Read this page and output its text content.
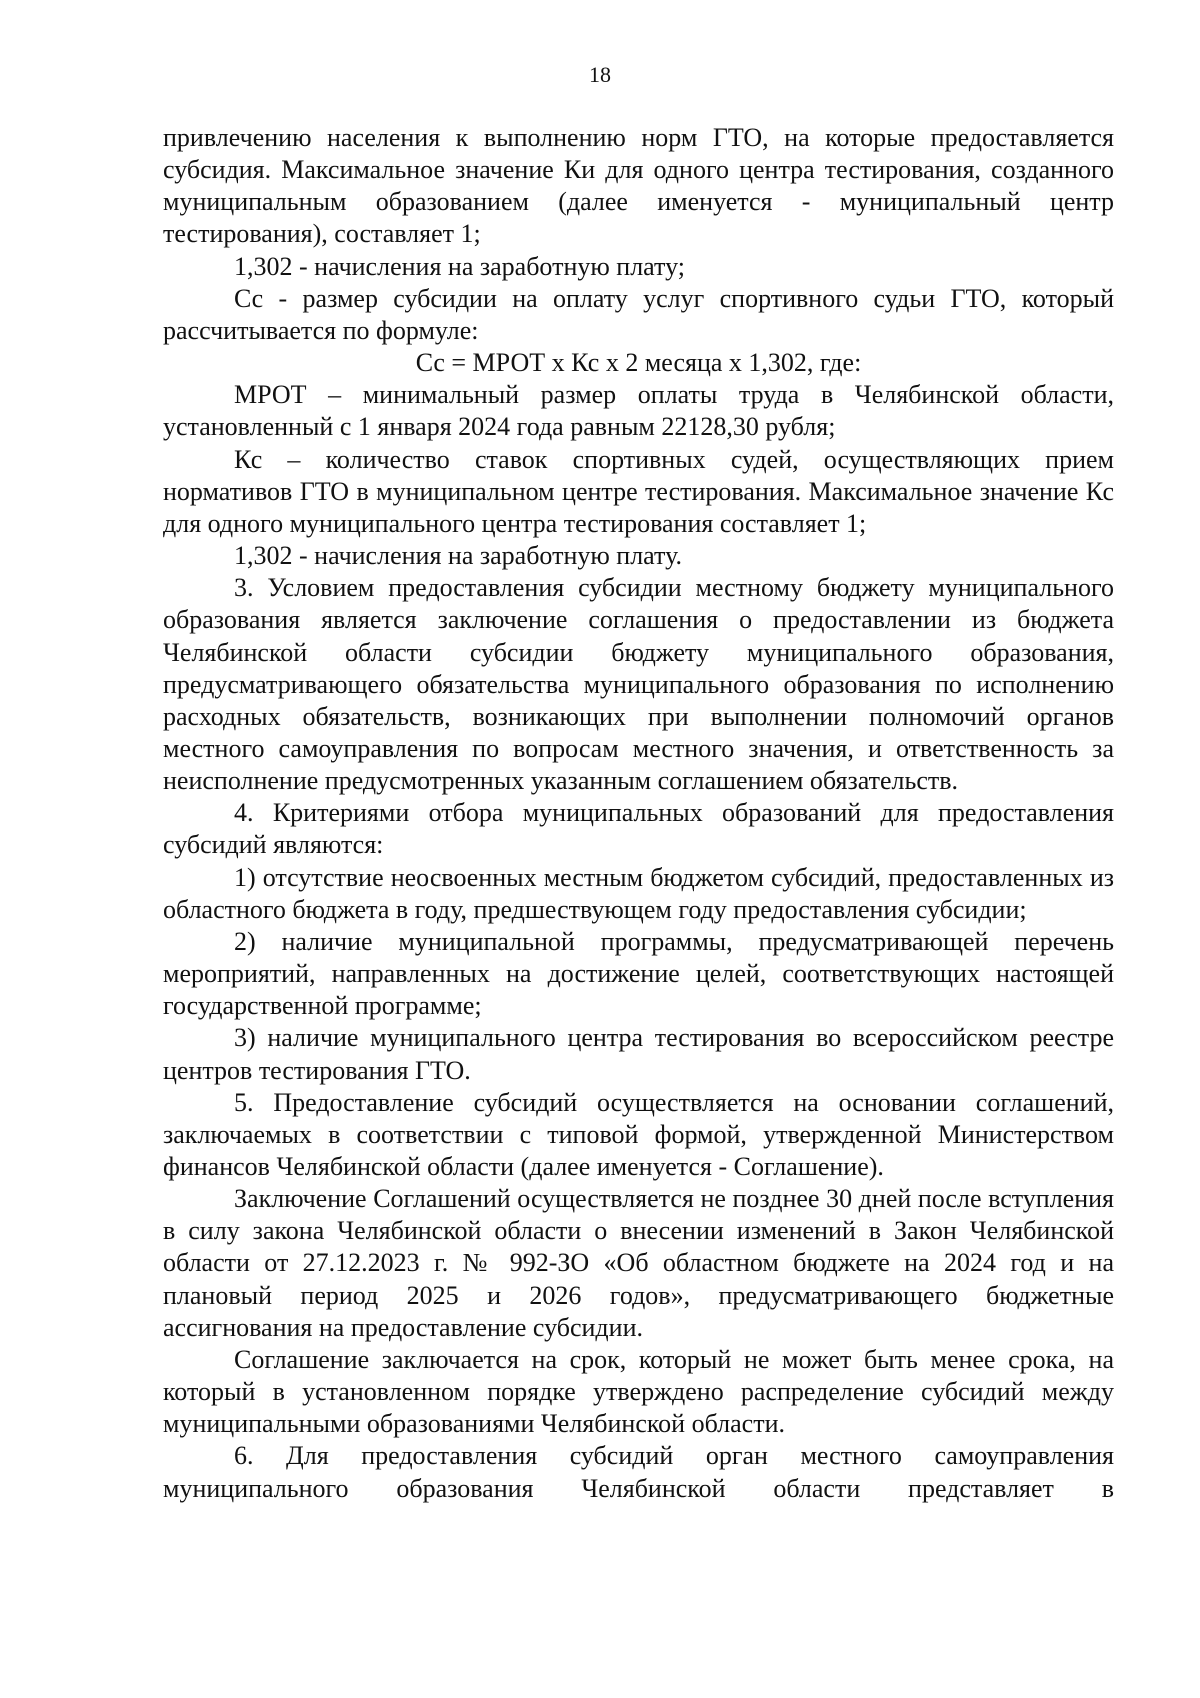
18

привлечению населения к выполнению норм ГТО, на которые предоставляется субсидия. Максимальное значение Ки для одного центра тестирования, созданного муниципальным образованием (далее именуется - муниципальный центр тестирования), составляет 1;

1,302 - начисления на заработную плату;

Сс - размер субсидии на оплату услуг спортивного судьи ГТО, который рассчитывается по формуле:

Сс = МРОТ х Кс х 2 месяца х 1,302, где:

МРОТ – минимальный размер оплаты труда в Челябинской области, установленный с 1 января 2024 года равным 22128,30 рубля;

Кс – количество ставок спортивных судей, осуществляющих прием нормативов ГТО в муниципальном центре тестирования. Максимальное значение Кс для одного муниципального центра тестирования составляет 1;

1,302 - начисления на заработную плату.

3. Условием предоставления субсидии местному бюджету муниципального образования является заключение соглашения о предоставлении из бюджета Челябинской области субсидии бюджету муниципального образования, предусматривающего обязательства муниципального образования по исполнению расходных обязательств, возникающих при выполнении полномочий органов местного самоуправления по вопросам местного значения, и ответственность за неисполнение предусмотренных указанным соглашением обязательств.

4. Критериями отбора муниципальных образований для предоставления субсидий являются:

1) отсутствие неосвоенных местным бюджетом субсидий, предоставленных из областного бюджета в году, предшествующем году предоставления субсидии;

2) наличие муниципальной программы, предусматривающей перечень мероприятий, направленных на достижение целей, соответствующих настоящей государственной программе;

3) наличие муниципального центра тестирования во всероссийском реестре центров тестирования ГТО.

5. Предоставление субсидий осуществляется на основании соглашений, заключаемых в соответствии с типовой формой, утвержденной Министерством финансов Челябинской области (далее именуется - Соглашение).

Заключение Соглашений осуществляется не позднее 30 дней после вступления в силу закона Челябинской области о внесении изменений в Закон Челябинской области от 27.12.2023 г. № 992-ЗО «Об областном бюджете на 2024 год и на плановый период 2025 и 2026 годов», предусматривающего бюджетные ассигнования на предоставление субсидии.

Соглашение заключается на срок, который не может быть менее срока, на который в установленном порядке утверждено распределение субсидий между муниципальными образованиями Челябинской области.

6. Для предоставления субсидий орган местного самоуправления муниципального образования Челябинской области представляет в
